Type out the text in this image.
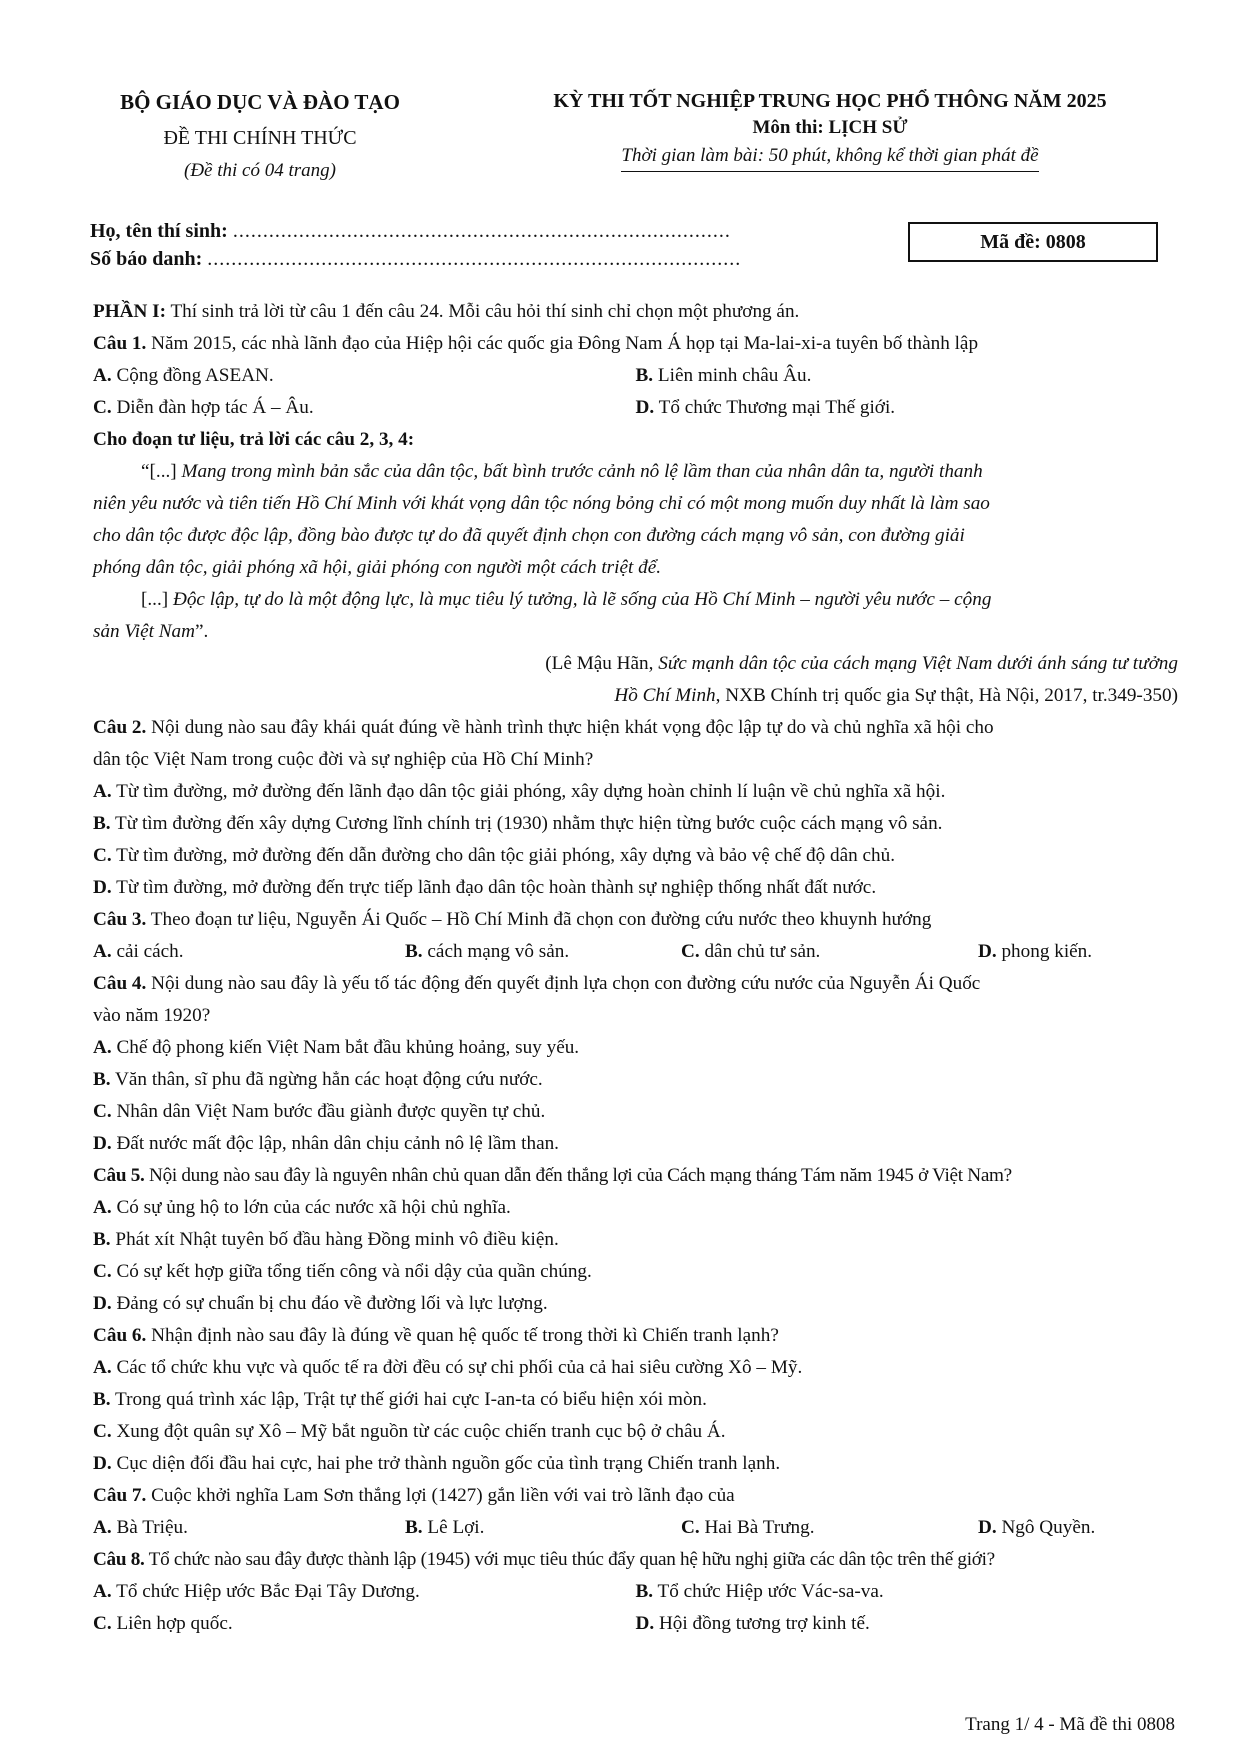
BỘ GIÁO DỤC VÀ ĐÀO TẠO
ĐỀ THI CHÍNH THỨC
(Đề thi có 04 trang)
KỲ THI TỐT NGHIỆP TRUNG HỌC PHỔ THÔNG NĂM 2025
Môn thi: LỊCH SỬ
Thời gian làm bài: 50 phút, không kể thời gian phát đề
Họ, tên thí sinh: ...................................................................................
Số báo danh: .........................................................................................
Mã đề: 0808
PHẦN I: Thí sinh trả lời từ câu 1 đến câu 24. Mỗi câu hỏi thí sinh chỉ chọn một phương án.
Câu 1. Năm 2015, các nhà lãnh đạo của Hiệp hội các quốc gia Đông Nam Á họp tại Ma-lai-xi-a tuyên bố thành lập
A. Cộng đồng ASEAN.	B. Liên minh châu Âu.
C. Diễn đàn hợp tác Á – Âu.	D. Tổ chức Thương mại Thế giới.
Cho đoạn tư liệu, trả lời các câu 2, 3, 4:
“[...] Mang trong mình bản sắc của dân tộc, bất bình trước cảnh nô lệ lầm than của nhân dân ta, người thanh
niên yêu nước và tiên tiến Hồ Chí Minh với khát vọng dân tộc nóng bỏng chỉ có một mong muốn duy nhất là làm sao
cho dân tộc được độc lập, đồng bào được tự do đã quyết định chọn con đường cách mạng vô sản, con đường giải
phóng dân tộc, giải phóng xã hội, giải phóng con người một cách triệt để.
[...] Độc lập, tự do là một động lực, là mục tiêu lý tưởng, là lẽ sống của Hồ Chí Minh – người yêu nước – cộng
sản Việt Nam”.
(Lê Mậu Hãn, Sức mạnh dân tộc của cách mạng Việt Nam dưới ánh sáng tư tưởng
Hồ Chí Minh, NXB Chính trị quốc gia Sự thật, Hà Nội, 2017, tr.349-350)
Câu 2. Nội dung nào sau đây khái quát đúng về hành trình thực hiện khát vọng độc lập tự do và chủ nghĩa xã hội cho
dân tộc Việt Nam trong cuộc đời và sự nghiệp của Hồ Chí Minh?
A. Từ tìm đường, mở đường đến lãnh đạo dân tộc giải phóng, xây dựng hoàn chỉnh lí luận về chủ nghĩa xã hội.
B. Từ tìm đường đến xây dựng Cương lĩnh chính trị (1930) nhằm thực hiện từng bước cuộc cách mạng vô sản.
C. Từ tìm đường, mở đường đến dẫn đường cho dân tộc giải phóng, xây dựng và bảo vệ chế độ dân chủ.
D. Từ tìm đường, mở đường đến trực tiếp lãnh đạo dân tộc hoàn thành sự nghiệp thống nhất đất nước.
Câu 3. Theo đoạn tư liệu, Nguyễn Ái Quốc – Hồ Chí Minh đã chọn con đường cứu nước theo khuynh hướng
A. cải cách.	B. cách mạng vô sản.	C. dân chủ tư sản.	D. phong kiến.
Câu 4. Nội dung nào sau đây là yếu tố tác động đến quyết định lựa chọn con đường cứu nước của Nguyễn Ái Quốc
vào năm 1920?
A. Chế độ phong kiến Việt Nam bắt đầu khủng hoảng, suy yếu.
B. Văn thân, sĩ phu đã ngừng hẳn các hoạt động cứu nước.
C. Nhân dân Việt Nam bước đầu giành được quyền tự chủ.
D. Đất nước mất độc lập, nhân dân chịu cảnh nô lệ lầm than.
Câu 5. Nội dung nào sau đây là nguyên nhân chủ quan dẫn đến thắng lợi của Cách mạng tháng Tám năm 1945 ở Việt Nam?
A. Có sự ủng hộ to lớn của các nước xã hội chủ nghĩa.
B. Phát xít Nhật tuyên bố đầu hàng Đồng minh vô điều kiện.
C. Có sự kết hợp giữa tổng tiến công và nổi dậy của quần chúng.
D. Đảng có sự chuẩn bị chu đáo về đường lối và lực lượng.
Câu 6. Nhận định nào sau đây là đúng về quan hệ quốc tế trong thời kì Chiến tranh lạnh?
A. Các tổ chức khu vực và quốc tế ra đời đều có sự chi phối của cả hai siêu cường Xô – Mỹ.
B. Trong quá trình xác lập, Trật tự thế giới hai cực I-an-ta có biểu hiện xói mòn.
C. Xung đột quân sự Xô – Mỹ bắt nguồn từ các cuộc chiến tranh cục bộ ở châu Á.
D. Cục diện đối đầu hai cực, hai phe trở thành nguồn gốc của tình trạng Chiến tranh lạnh.
Câu 7. Cuộc khởi nghĩa Lam Sơn thắng lợi (1427) gắn liền với vai trò lãnh đạo của
A. Bà Triệu.	B. Lê Lợi.	C. Hai Bà Trưng.	D. Ngô Quyền.
Câu 8. Tổ chức nào sau đây được thành lập (1945) với mục tiêu thúc đẩy quan hệ hữu nghị giữa các dân tộc trên thế giới?
A. Tổ chức Hiệp ước Bắc Đại Tây Dương.	B. Tổ chức Hiệp ước Vác-sa-va.
C. Liên hợp quốc.	D. Hội đồng tương trợ kinh tế.
Trang 1/ 4 - Mã đề thi 0808
